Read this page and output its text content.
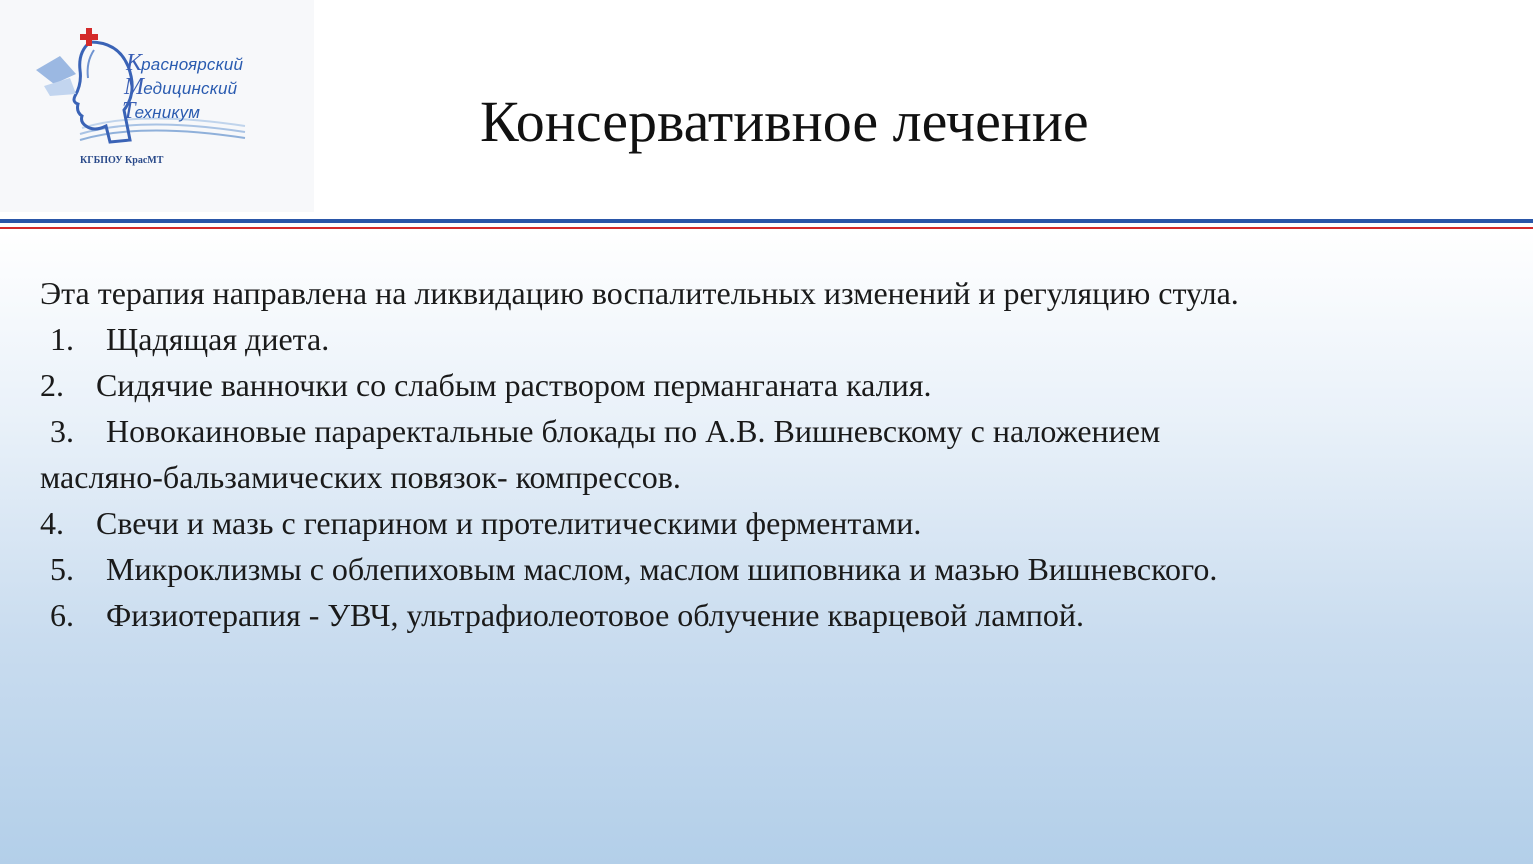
Красноярский
Медицинский
Техникум
КГБПОУ КрасМТ
Консервативное лечение

Эта терапия направлена на ликвидацию воспалительных изменений и регуляцию стула.

1. Щадящая диета.

2. Сидячие ванночки со слабым раствором перманганата калия.

3. Новокаиновые параректальные блокады по А.В. Вишневскому с наложением

масляно-бальзамических повязок- компрессов.

4. Свечи и мазь с гепарином и протелитическими ферментами.

5. Микроклизмы с облепиховым маслом, маслом шиповника и мазью Вишневского.

6. Физиотерапия - УВЧ, ультрафиолеотовое облучение кварцевой лампой.
